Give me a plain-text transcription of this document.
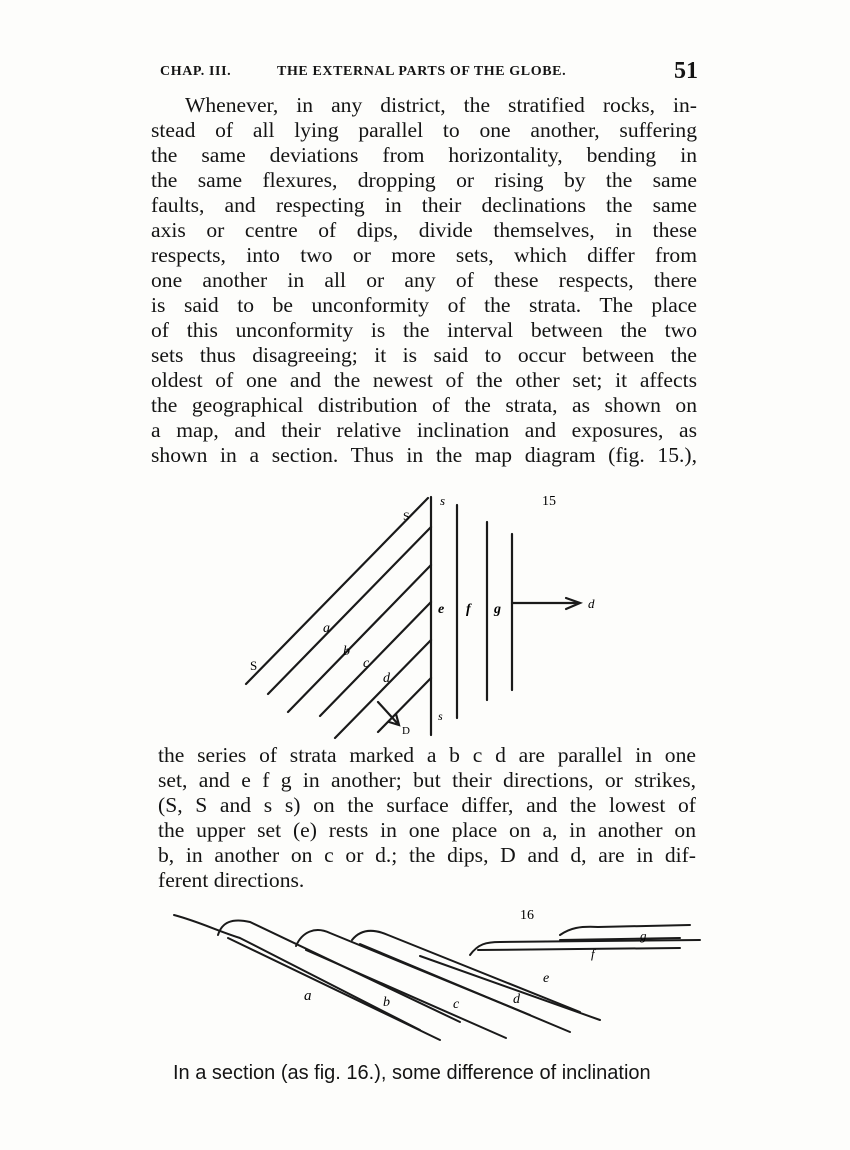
CHAP. III.	THE EXTERNAL PARTS OF THE GLOBE.	51
Whenever, in any district, the stratified rocks, in-
stead of all lying parallel to one another, suffering
the same deviations from horizontality, bending in
the same flexures, dropping or rising by the same
faults, and respecting in their declinations the same
axis or centre of dips, divide themselves, in these
respects, into two or more sets, which differ from
one another in all or any of these respects, there
is said to be unconformity of the strata. The place
of this unconformity is the interval between the two
sets thus disagreeing; it is said to occur between the
oldest of one and the newest of the other set; it affects
the geographical distribution of the strata, as shown on
a map, and their relative inclination and exposures, as
shown in a section. Thus in the map diagram (fig. 15.),
15
S
s
S
a
b
c
d
D
e f g
s
d
the series of strata marked a b c d are parallel in one
set, and e f g in another; but their directions, or strikes,
(S, S and s s) on the surface differ, and the lowest of
the upper set (e) rests in one place on a, in another on
b, in another on c or d.; the dips, D and d, are in dif-
ferent directions.
16
a	b	c	d
e
f
g
In a section (as fig. 16.), some difference of inclination
